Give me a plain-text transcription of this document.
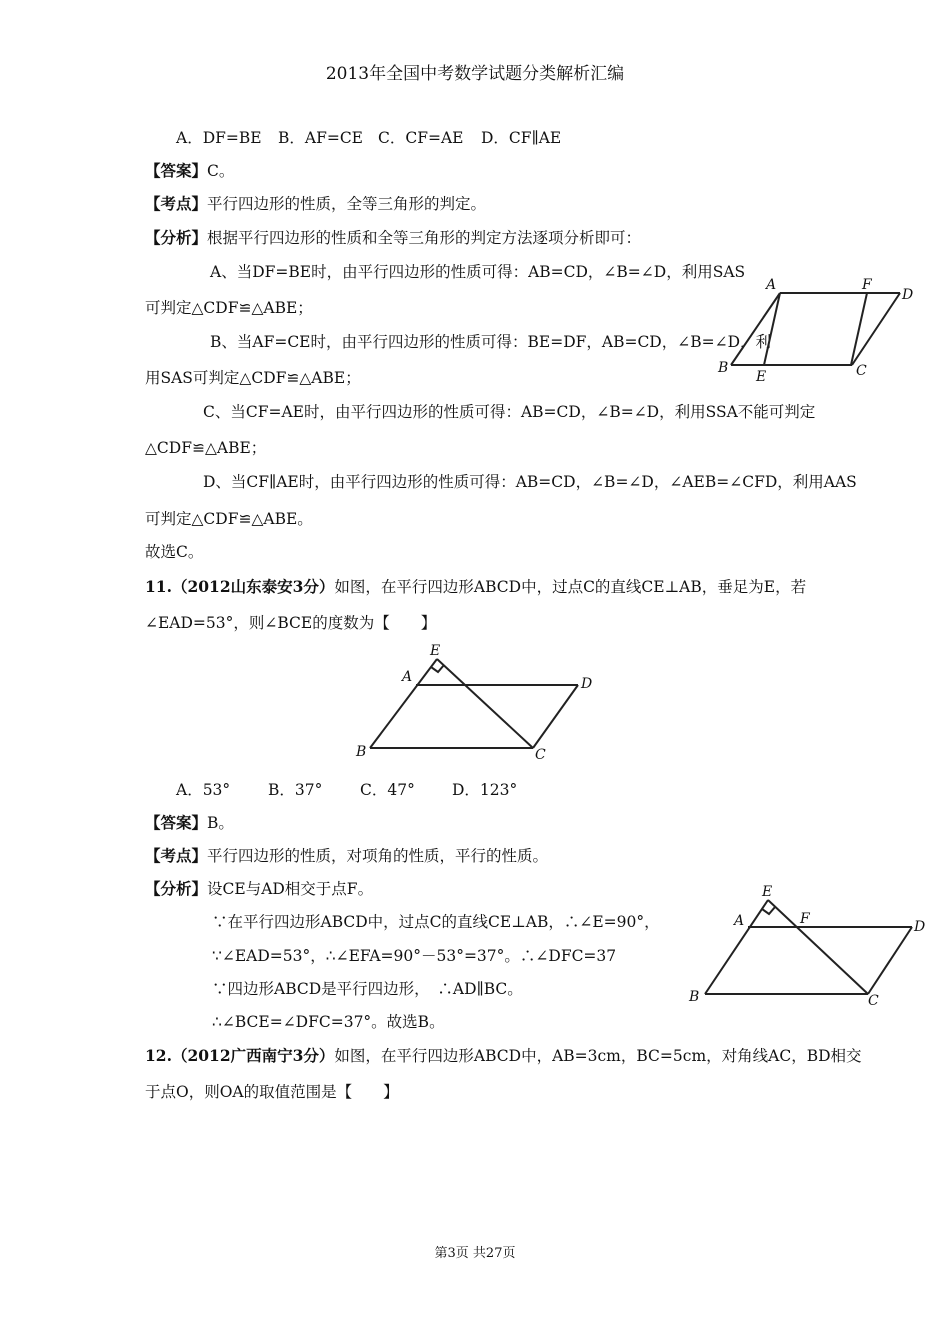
2013年全国中考数学试题分类解析汇编
A．DF=BE B．AF=CE C．CF=AE D．CF∥AE
【答案】C。
【考点】平行四边形的性质，全等三角形的判定。
【分析】根据平行四边形的性质和全等三角形的判定方法逐项分析即可：
A、当DF=BE时，由平行四边形的性质可得：AB=CD，∠B=∠D，利用SAS
可判定△CDF≌△ABE；
B、当AF=CE时，由平行四边形的性质可得：BE=DF，AB=CD，∠B=∠D，利
用SAS可判定△CDF≌△ABE；
C、当CF=AE时，由平行四边形的性质可得：AB=CD，∠B=∠D，利用SSA不能可判定
△CDF≌△ABE；
D、当CF∥AE时，由平行四边形的性质可得：AB=CD，∠B=∠D，∠AEB=∠CFD，利用AAS
可判定△CDF≌△ABE。
故选C。
A	F
D
B
E	C
11.（2012山东泰安3分）如图，在平行四边形ABCD中，过点C的直线CE⊥AB，垂足为E，若
∠EAD=53°，则∠BCE的度数为【　　】
E
A	D
B	C
A．53° B．37° C．47° D．123°
【答案】B。
【考点】平行四边形的性质，对项角的性质，平行的性质。
【分析】设CE与AD相交于点F。
∵在平行四边形ABCD中，过点C的直线CE⊥AB，∴∠E=90°，
∵∠EAD=53°，∴∠EFA=90°－53°=37°。∴∠DFC=37
∵四边形ABCD是平行四边形，　∴AD∥BC。
∴∠BCE=∠DFC=37°。故选B。
E
A	F	D
B	C
12.（2012广西南宁3分）如图，在平行四边形ABCD中，AB=3cm，BC=5cm，对角线AC，BD相交
于点O，则OA的取值范围是【　　】
第3页 共27页
